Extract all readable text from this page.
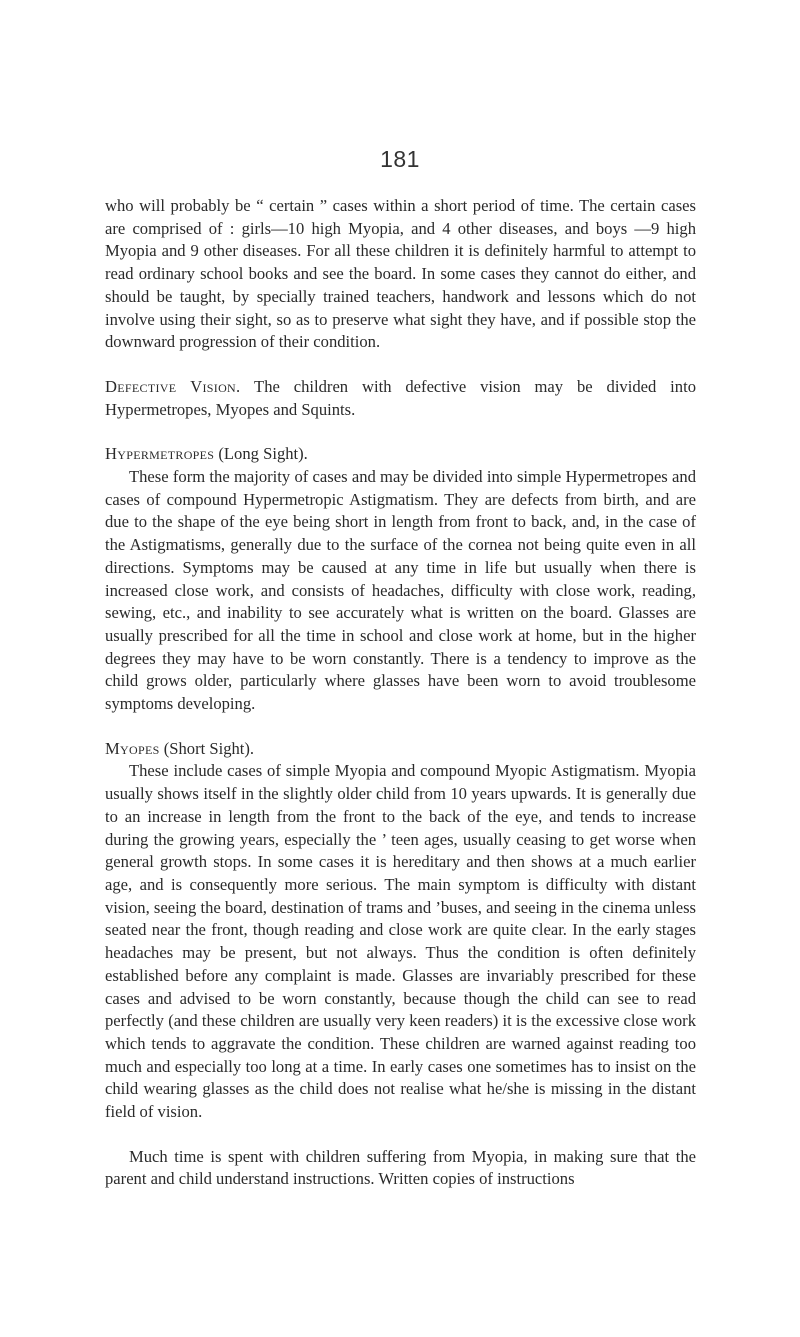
181

who will probably be “ certain ” cases within a short period of time. The certain cases are comprised of : girls—10 high Myopia, and 4 other diseases, and boys —9 high Myopia and 9 other diseases. For all these children it is definitely harmful to attempt to read ordinary school books and see the board. In some cases they cannot do either, and should be taught, by specially trained teachers, handwork and lessons which do not involve using their sight, so as to preserve what sight they have, and if possible stop the downward progression of their condition.

Defective Vision. The children with defective vision may be divided into Hypermetropes, Myopes and Squints.

Hypermetropes (Long Sight).

These form the majority of cases and may be divided into simple Hypermetropes and cases of compound Hypermetropic Astigmatism. They are defects from birth, and are due to the shape of the eye being short in length from front to back, and, in the case of the Astigmatisms, generally due to the surface of the cornea not being quite even in all directions. Symptoms may be caused at any time in life but usually when there is increased close work, and consists of headaches, difficulty with close work, reading, sewing, etc., and inability to see accurately what is written on the board. Glasses are usually prescribed for all the time in school and close work at home, but in the higher degrees they may have to be worn constantly. There is a tendency to improve as the child grows older, particularly where glasses have been worn to avoid troublesome symptoms developing.

Myopes (Short Sight).

These include cases of simple Myopia and compound Myopic Astigmatism. Myopia usually shows itself in the slightly older child from 10 years upwards. It is generally due to an increase in length from the front to the back of the eye, and tends to increase during the growing years, especially the ’ teen ages, usually ceasing to get worse when general growth stops. In some cases it is hereditary and then shows at a much earlier age, and is consequently more serious. The main symptom is difficulty with distant vision, seeing the board, destination of trams and ’buses, and seeing in the cinema unless seated near the front, though reading and close work are quite clear. In the early stages headaches may be present, but not always. Thus the condition is often definitely established before any complaint is made. Glasses are invariably prescribed for these cases and advised to be worn constantly, because though the child can see to read perfectly (and these children are usually very keen readers) it is the excessive close work which tends to aggravate the condition. These children are warned against reading too much and especially too long at a time. In early cases one sometimes has to insist on the child wearing glasses as the child does not realise what he/she is missing in the distant field of vision.

Much time is spent with children suffering from Myopia, in making sure that the parent and child understand instructions. Written copies of instructions
